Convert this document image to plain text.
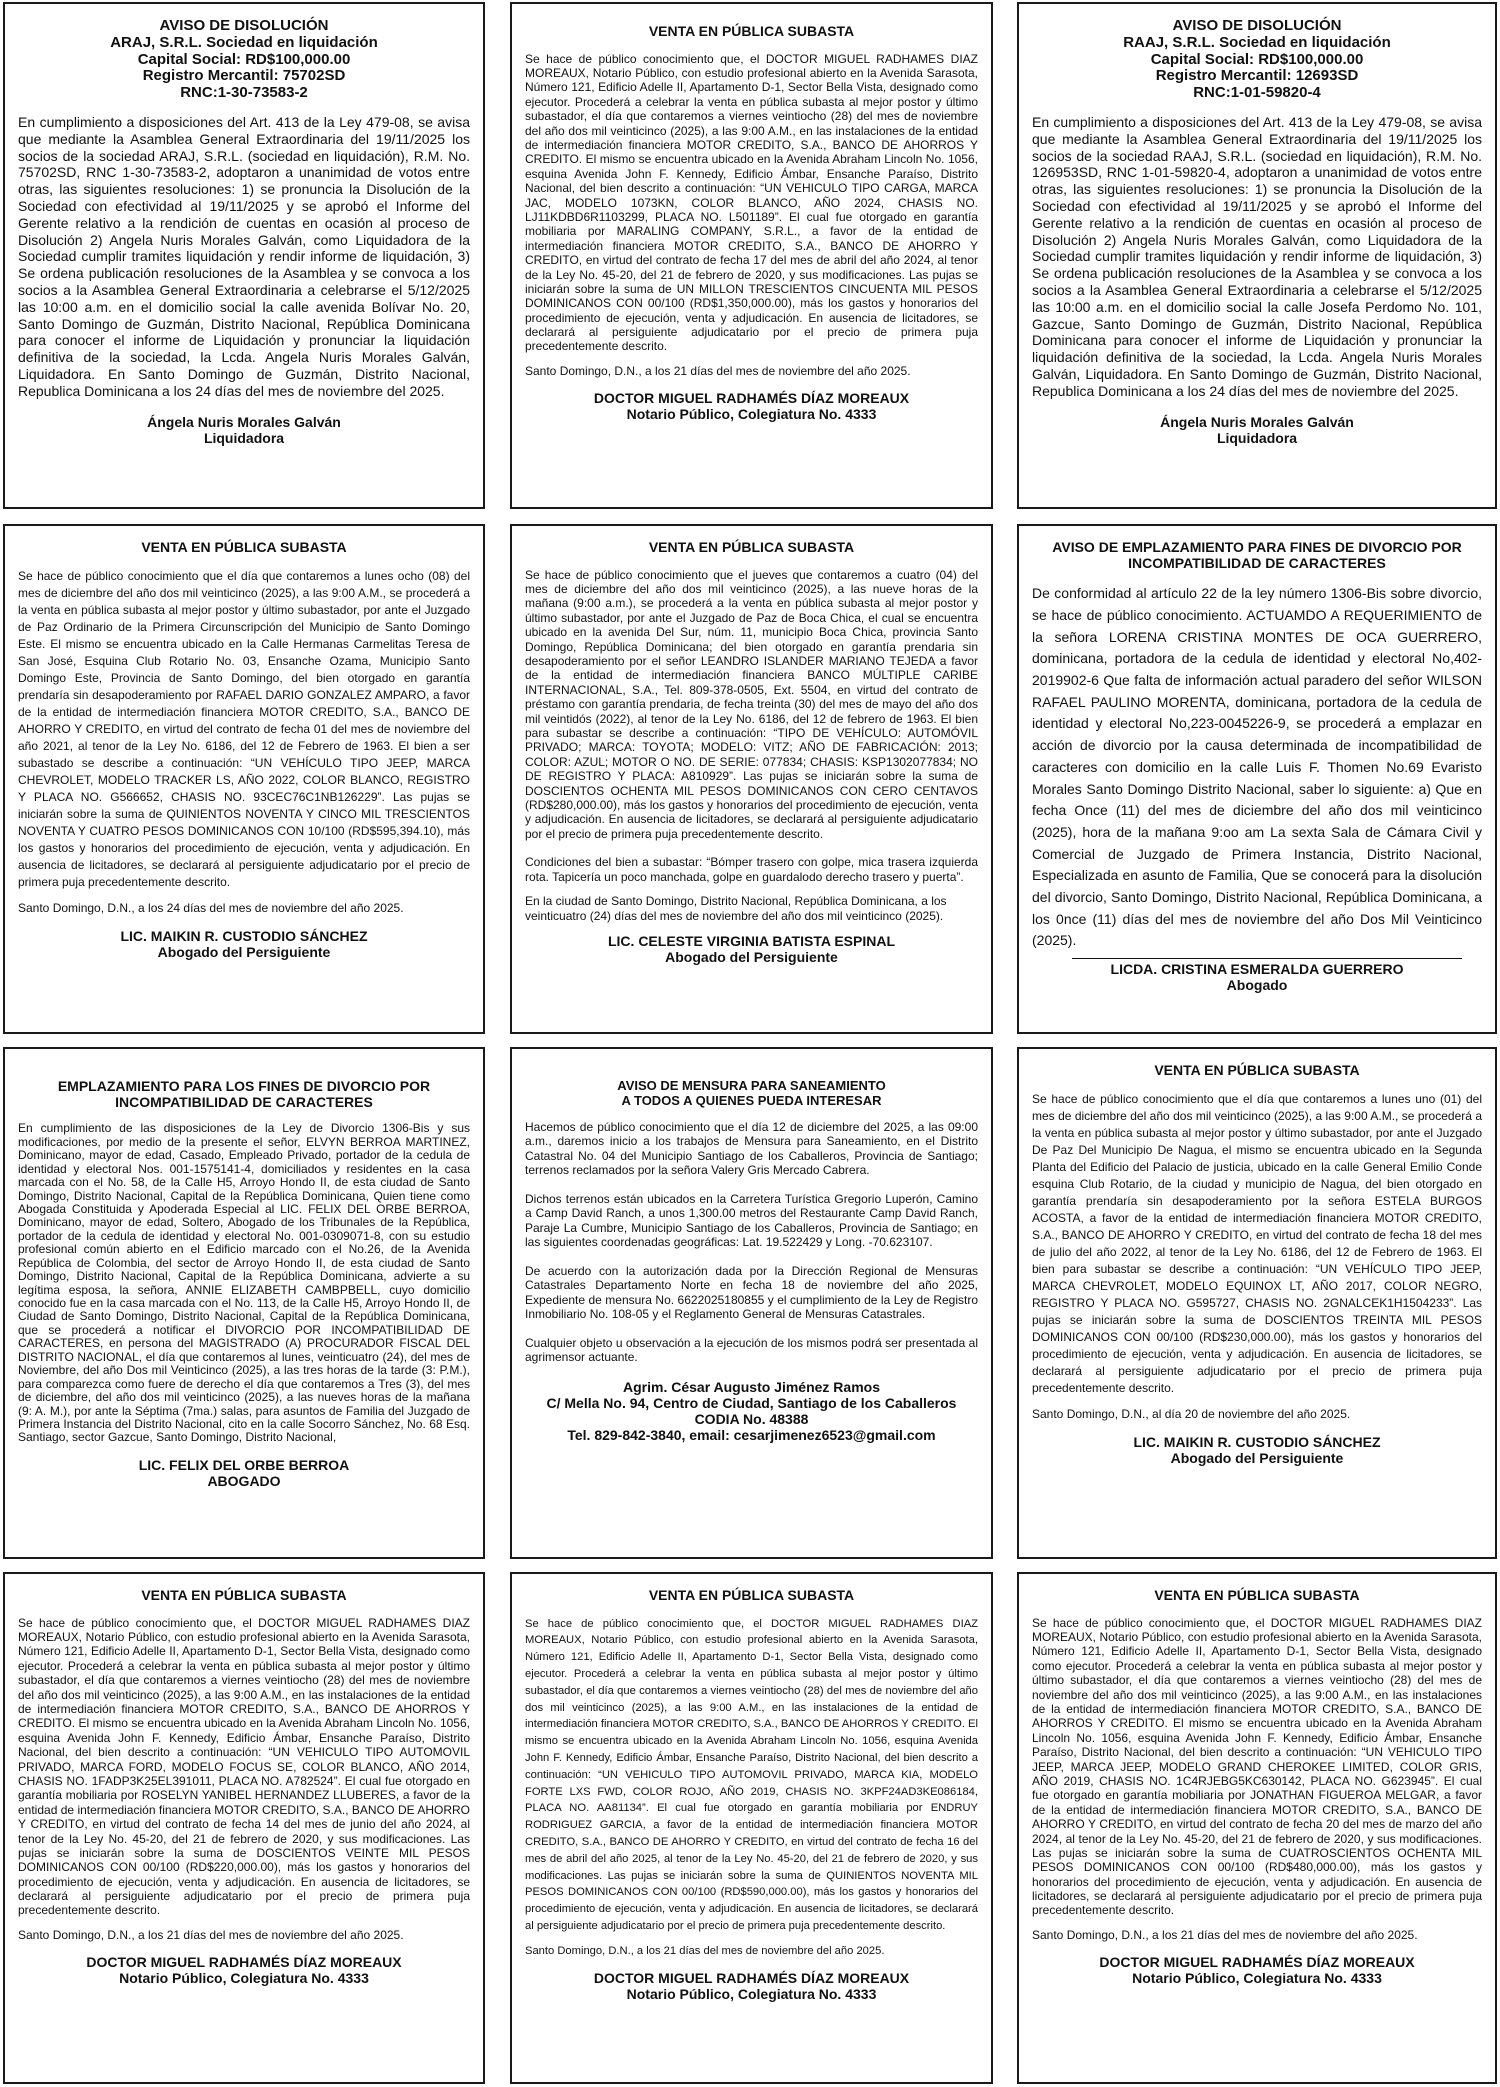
AVISO DE DISOLUCIÓN
ARAJ, S.R.L. Sociedad en liquidación
Capital Social: RD$100,000.00
Registro Mercantil: 75702SD
RNC:1-30-73583-2

En cumplimiento a disposiciones del Art. 413 de la Ley 479-08, se avisa que mediante la Asamblea General Extraordinaria del 19/11/2025 los socios de la sociedad ARAJ, S.R.L. (sociedad en liquidación), R.M. No. 75702SD, RNC 1-30-73583-2, adoptaron a unanimidad de votos entre otras, las siguientes resoluciones: 1) se pronuncia la Disolución de la Sociedad con efectividad al 19/11/2025 y se aprobó el Informe del Gerente relativo a la rendición de cuentas en ocasión al proceso de Disolución 2) Angela Nuris Morales Galván, como Liquidadora de la Sociedad cumplir tramites liquidación y rendir informe de liquidación, 3) Se ordena publicación resoluciones de la Asamblea y se convoca a los socios a la Asamblea General Extraordinaria a celebrarse el 5/12/2025 las 10:00 a.m. en el domicilio social la calle avenida Bolívar No. 20, Santo Domingo de Guzmán, Distrito Nacional, República Dominicana para conocer el informe de Liquidación y pronunciar la liquidación definitiva de la sociedad, la Lcda. Angela Nuris Morales Galván, Liquidadora. En Santo Domingo de Guzmán, Distrito Nacional, Republica Dominicana a los 24 días del mes de noviembre del 2025.

Ángela Nuris Morales Galván
Liquidadora

VENTA EN PÚBLICA SUBASTA

Se hace de público conocimiento que, el DOCTOR MIGUEL RADHAMES DIAZ MOREAUX, Notario Público, con estudio profesional abierto en la Avenida Sarasota, Número 121, Edificio Adelle II, Apartamento D-1, Sector Bella Vista, designado como ejecutor. Procederá a celebrar la venta en pública subasta al mejor postor y último subastador, el día que contaremos a viernes veintiocho (28) del mes de noviembre del año dos mil veinticinco (2025), a las 9:00 A.M., en las instalaciones de la entidad de intermediación financiera MOTOR CREDITO, S.A., BANCO DE AHORROS Y CREDITO. El mismo se encuentra ubicado en la Avenida Abraham Lincoln No. 1056, esquina Avenida John F. Kennedy, Edificio Ámbar, Ensanche Paraíso, Distrito Nacional, del bien descrito a continuación: “UN VEHICULO TIPO CARGA, MARCA JAC, MODELO 1073KN, COLOR BLANCO, AÑO 2024, CHASIS NO. LJ11KDBD6R1103299, PLACA NO. L501189”. El cual fue otorgado en garantía mobiliaria por MARALING COMPANY, S.R.L., a favor de la entidad de intermediación financiera MOTOR CREDITO, S.A., BANCO DE AHORRO Y CREDITO, en virtud del contrato de fecha 17 del mes de abril del año 2024, al tenor de la Ley No. 45-20, del 21 de febrero de 2020, y sus modificaciones. Las pujas se iniciarán sobre la suma de UN MILLON TRESCIENTOS CINCUENTA MIL PESOS DOMINICANOS CON 00/100 (RD$1,350,000.00), más los gastos y honorarios del procedimiento de ejecución, venta y adjudicación. En ausencia de licitadores, se declarará al persiguiente adjudicatario por el precio de primera puja precedentemente descrito.

Santo Domingo, D.N., a los 21 días del mes de noviembre del año 2025.

DOCTOR MIGUEL RADHAMÉS DÍAZ MOREAUX
Notario Público, Colegiatura No. 4333

AVISO DE DISOLUCIÓN
RAAJ, S.R.L. Sociedad en liquidación
Capital Social: RD$100,000.00
Registro Mercantil: 12693SD
RNC:1-01-59820-4

En cumplimiento a disposiciones del Art. 413 de la Ley 479-08, se avisa que mediante la Asamblea General Extraordinaria del 19/11/2025 los socios de la sociedad RAAJ, S.R.L. (sociedad en liquidación), R.M. No. 126953SD, RNC 1-01-59820-4, adoptaron a unanimidad de votos entre otras, las siguientes resoluciones: 1) se pronuncia la Disolución de la Sociedad con efectividad al 19/11/2025 y se aprobó el Informe del Gerente relativo a la rendición de cuentas en ocasión al proceso de Disolución 2) Angela Nuris Morales Galván, como Liquidadora de la Sociedad cumplir tramites liquidación y rendir informe de liquidación, 3) Se ordena publicación resoluciones de la Asamblea y se convoca a los socios a la Asamblea General Extraordinaria a celebrarse el 5/12/2025 las 10:00 a.m. en el domicilio social la calle Josefa Perdomo No. 101, Gazcue, Santo Domingo de Guzmán, Distrito Nacional, República Dominicana para conocer el informe de Liquidación y pronunciar la liquidación definitiva de la sociedad, la Lcda. Angela Nuris Morales Galván, Liquidadora. En Santo Domingo de Guzmán, Distrito Nacional, Republica Dominicana a los 24 días del mes de noviembre del 2025.

Ángela Nuris Morales Galván
Liquidadora

VENTA EN PÚBLICA SUBASTA

Se hace de público conocimiento que el día que contaremos a lunes ocho (08) del mes de diciembre del año dos mil veinticinco (2025), a las 9:00 A.M., se procederá a la venta en pública subasta al mejor postor y último subastador, por ante el Juzgado de Paz Ordinario de la Primera Circunscripción del Municipio de Santo Domingo Este. El mismo se encuentra ubicado en la Calle Hermanas Carmelitas Teresa de San José, Esquina Club Rotario No. 03, Ensanche Ozama, Municipio Santo Domingo Este, Provincia de Santo Domingo, del bien otorgado en garantía prendaría sin desapoderamiento por RAFAEL DARIO GONZALEZ AMPARO, a favor de la entidad de intermediación financiera MOTOR CREDITO, S.A., BANCO DE AHORRO Y CREDITO, en virtud del contrato de fecha 01 del mes de noviembre del año 2021, al tenor de la Ley No. 6186, del 12 de Febrero de 1963. El bien a ser subastado se describe a continuación: “UN VEHÍCULO TIPO JEEP, MARCA CHEVROLET, MODELO TRACKER LS, AÑO 2022, COLOR BLANCO, REGISTRO Y PLACA NO. G566652, CHASIS NO. 93CEC76C1NB126229”. Las pujas se iniciarán sobre la suma de QUINIENTOS NOVENTA Y CINCO MIL TRESCIENTOS NOVENTA Y CUATRO PESOS DOMINICANOS CON 10/100 (RD$595,394.10), más los gastos y honorarios del procedimiento de ejecución, venta y adjudicación. En ausencia de licitadores, se declarará al persiguiente adjudicatario por el precio de primera puja precedentemente descrito.

Santo Domingo, D.N., a los 24 días del mes de noviembre del año 2025.

LIC. MAIKIN R. CUSTODIO SÁNCHEZ
Abogado del Persiguiente

VENTA EN PÚBLICA SUBASTA

Se hace de público conocimiento que el jueves que contaremos a cuatro (04) del mes de diciembre del año dos mil veinticinco (2025), a las nueve horas de la mañana (9:00 a.m.), se procederá a la venta en pública subasta al mejor postor y último subastador, por ante el Juzgado de Paz de Boca Chica, el cual se encuentra ubicado en la avenida Del Sur, núm. 11, municipio Boca Chica, provincia Santo Domingo, República Dominicana; del bien otorgado en garantía prendaria sin desapoderamiento por el señor LEANDRO ISLANDER MARIANO TEJEDA a favor de la entidad de intermediación financiera BANCO MÚLTIPLE CARIBE INTERNACIONAL, S.A., Tel. 809-378-0505, Ext. 5504, en virtud del contrato de préstamo con garantía prendaria, de fecha treinta (30) del mes de mayo del año dos mil veintidós (2022), al tenor de la Ley No. 6186, del 12 de febrero de 1963. El bien para subastar se describe a continuación: “TIPO DE VEHÍCULO: AUTOMÓVIL PRIVADO; MARCA: TOYOTA; MODELO: VITZ; AÑO DE FABRICACIÓN: 2013; COLOR: AZUL; MOTOR O NO. DE SERIE: 077834; CHASIS: KSP1302077834; NO DE REGISTRO Y PLACA: A810929”. Las pujas se iniciarán sobre la suma de DOSCIENTOS OCHENTA MIL PESOS DOMINICANOS CON CERO CENTAVOS (RD$280,000.00), más los gastos y honorarios del procedimiento de ejecución, venta y adjudicación. En ausencia de licitadores, se declarará al persiguiente adjudicatario por el precio de primera puja precedentemente descrito.

Condiciones del bien a subastar: “Bómper trasero con golpe, mica trasera izquierda rota. Tapicería un poco manchada, golpe en guardalodo derecho trasero y puerta”.

En la ciudad de Santo Domingo, Distrito Nacional, República Dominicana, a los veinticuatro (24) días del mes de noviembre del año dos mil veinticinco (2025).

LIC. CELESTE VIRGINIA BATISTA ESPINAL
Abogado del Persiguiente

AVISO DE EMPLAZAMIENTO PARA FINES DE DIVORCIO POR
INCOMPATIBILIDAD DE CARACTERES

De conformidad al artículo 22 de la ley número 1306-Bis sobre divorcio, se hace de público conocimiento. ACTUAMDO A REQUERIMIENTO de la señora LORENA CRISTINA MONTES DE OCA GUERRERO, dominicana, portadora de la cedula de identidad y electoral No,402-2019902-6 Que falta de información actual paradero del señor WILSON RAFAEL PAULINO MORENTA, dominicana, portadora de la cedula de identidad y electoral No,223-0045226-9, se procederá a emplazar en acción de divorcio por la causa determinada de incompatibilidad de caracteres con domicilio en la calle Luis F. Thomen No.69 Evaristo Morales Santo Domingo Distrito Nacional, saber lo siguiente: a) Que en fecha Once (11) del mes de diciembre del año dos mil veinticinco (2025), hora de la mañana 9:oo am La sexta Sala de Cámara Civil y Comercial de Juzgado de Primera Instancia, Distrito Nacional, Especializada en asunto de Familia, Que se conocerá para la disolución del divorcio, Santo Domingo, Distrito Nacional, República Dominicana, a los 0nce (11) días del mes de noviembre del año Dos Mil Veinticinco (2025).

LICDA. CRISTINA ESMERALDA GUERRERO
Abogado

EMPLAZAMIENTO PARA LOS FINES DE DIVORCIO POR
INCOMPATIBILIDAD DE CARACTERES

En cumplimiento de las disposiciones de la Ley de Divorcio 1306-Bis y sus modificaciones, por medio de la presente el señor, ELVYN BERROA MARTINEZ, Dominicano, mayor de edad, Casado, Empleado Privado, portador de la cedula de identidad y electoral Nos. 001-1575141-4, domiciliados y residentes en la casa marcada con el No. 58, de la Calle H5, Arroyo Hondo II, de esta ciudad de Santo Domingo, Distrito Nacional, Capital de la República Dominicana, Quien tiene como Abogada Constituida y Apoderada Especial al LIC. FELIX DEL ORBE BERROA, Dominicano, mayor de edad, Soltero, Abogado de los Tribunales de la República, portador de la cedula de identidad y electoral No. 001-0309071-8, con su estudio profesional común abierto en el Edificio marcado con el No.26, de la Avenida República de Colombia, del sector de Arroyo Hondo II, de esta ciudad de Santo Domingo, Distrito Nacional, Capital de la República Dominicana, advierte a su legítima esposa, la señora, ANNIE ELIZABETH CAMBPBELL, cuyo domicilio conocido fue en la casa marcada con el No. 113, de la Calle H5, Arroyo Hondo II, de Ciudad de Santo Domingo, Distrito Nacional, Capital de la República Dominicana, que se procederá a notificar el DIVORCIO POR INCOMPATIBILIDAD DE CARACTERES, en persona del MAGISTRADO (A) PROCURADOR FISCAL DEL DISTRITO NACIONAL, el día que contaremos al lunes, veinticuatro (24), del mes de Noviembre, del año Dos mil Veinticinco (2025), a las tres horas de la tarde (3: P.M.), para comparezca como fuere de derecho el día que contaremos a Tres (3), del mes de diciembre, del año dos mil veinticinco (2025), a las nueves horas de la mañana (9: A. M.), por ante la Séptima (7ma.) salas, para asuntos de Familia del Juzgado de Primera Instancia del Distrito Nacional, cito en la calle Socorro Sánchez, No. 68 Esq. Santiago, sector Gazcue, Santo Domingo, Distrito Nacional,

LIC. FELIX DEL ORBE BERROA
ABOGADO

AVISO DE MENSURA PARA SANEAMIENTO
A TODOS A QUIENES PUEDA INTERESAR

Hacemos de público conocimiento que el día 12 de diciembre del 2025, a las 09:00 a.m., daremos inicio a los trabajos de Mensura para Saneamiento, en el Distrito Catastral No. 04 del Municipio Santiago de los Caballeros, Provincia de Santiago; terrenos reclamados por la señora Valery Gris Mercado Cabrera.

Dichos terrenos están ubicados en la Carretera Turística Gregorio Luperón, Camino a Camp David Ranch, a unos 1,300.00 metros del Restaurante Camp David Ranch, Paraje La Cumbre, Municipio Santiago de los Caballeros, Provincia de Santiago; en las siguientes coordenadas geográficas: Lat. 19.522429 y Long. -70.623107.

De acuerdo con la autorización dada por la Dirección Regional de Mensuras Catastrales Departamento Norte en fecha 18 de noviembre del año 2025, Expediente de mensura No. 6622025180855 y el cumplimiento de la Ley de Registro Inmobiliario No. 108-05 y el Reglamento General de Mensuras Catastrales.

Cualquier objeto u observación a la ejecución de los mismos podrá ser presentada al agrimensor actuante.

Agrim. César Augusto Jiménez Ramos
C/ Mella No. 94, Centro de Ciudad, Santiago de los Caballeros
CODIA No. 48388
Tel. 829-842-3840, email: cesarjimenez6523@gmail.com

VENTA EN PÚBLICA SUBASTA

Se hace de público conocimiento que el día que contaremos a lunes uno (01) del mes de diciembre del año dos mil veinticinco (2025), a las 9:00 A.M., se procederá a la venta en pública subasta al mejor postor y último subastador, por ante el Juzgado De Paz Del Municipio De Nagua, el mismo se encuentra ubicado en la Segunda Planta del Edificio del Palacio de justicia, ubicado en la calle General Emilio Conde esquina Club Rotario, de la ciudad y municipio de Nagua, del bien otorgado en garantía prendaría sin desapoderamiento por la señora ESTELA BURGOS ACOSTA, a favor de la entidad de intermediación financiera MOTOR CREDITO, S.A., BANCO DE AHORRO Y CREDITO, en virtud del contrato de fecha 18 del mes de julio del año 2022, al tenor de la Ley No. 6186, del 12 de Febrero de 1963. El bien para subastar se describe a continuación: “UN VEHÍCULO TIPO JEEP, MARCA CHEVROLET, MODELO EQUINOX LT, AÑO 2017, COLOR NEGRO, REGISTRO Y PLACA NO. G595727, CHASIS NO. 2GNALCEK1H1504233”. Las pujas se iniciarán sobre la suma de DOSCIENTOS TREINTA MIL PESOS DOMINICANOS CON 00/100 (RD$230,000.00), más los gastos y honorarios del procedimiento de ejecución, venta y adjudicación. En ausencia de licitadores, se declarará al persiguiente adjudicatario por el precio de primera puja precedentemente descrito.

Santo Domingo, D.N., al día 20 de noviembre del año 2025.

LIC. MAIKIN R. CUSTODIO SÁNCHEZ
Abogado del Persiguiente

VENTA EN PÚBLICA SUBASTA

Se hace de público conocimiento que, el DOCTOR MIGUEL RADHAMES DIAZ MOREAUX, Notario Público, con estudio profesional abierto en la Avenida Sarasota, Número 121, Edificio Adelle II, Apartamento D-1, Sector Bella Vista, designado como ejecutor. Procederá a celebrar la venta en pública subasta al mejor postor y último subastador, el día que contaremos a viernes veintiocho (28) del mes de noviembre del año dos mil veinticinco (2025), a las 9:00 A.M., en las instalaciones de la entidad de intermediación financiera MOTOR CREDITO, S.A., BANCO DE AHORROS Y CREDITO. El mismo se encuentra ubicado en la Avenida Abraham Lincoln No. 1056, esquina Avenida John F. Kennedy, Edificio Ámbar, Ensanche Paraíso, Distrito Nacional, del bien descrito a continuación: “UN VEHICULO TIPO AUTOMOVIL PRIVADO, MARCA FORD, MODELO FOCUS SE, COLOR BLANCO, AÑO 2014, CHASIS NO. 1FADP3K25EL391011, PLACA NO. A782524”. El cual fue otorgado en garantía mobiliaria por ROSELYN YANIBEL HERNANDEZ LLUBERES, a favor de la entidad de intermediación financiera MOTOR CREDITO, S.A., BANCO DE AHORRO Y CREDITO, en virtud del contrato de fecha 14 del mes de junio del año 2024, al tenor de la Ley No. 45-20, del 21 de febrero de 2020, y sus modificaciones. Las pujas se iniciarán sobre la suma de DOSCIENTOS VEINTE MIL PESOS DOMINICANOS CON 00/100 (RD$220,000.00), más los gastos y honorarios del procedimiento de ejecución, venta y adjudicación. En ausencia de licitadores, se declarará al persiguiente adjudicatario por el precio de primera puja precedentemente descrito.

Santo Domingo, D.N., a los 21 días del mes de noviembre del año 2025.

DOCTOR MIGUEL RADHAMÉS DÍAZ MOREAUX
Notario Público, Colegiatura No. 4333

VENTA EN PÚBLICA SUBASTA

Se hace de público conocimiento que, el DOCTOR MIGUEL RADHAMES DIAZ MOREAUX, Notario Público, con estudio profesional abierto en la Avenida Sarasota, Número 121, Edificio Adelle II, Apartamento D-1, Sector Bella Vista, designado como ejecutor. Procederá a celebrar la venta en pública subasta al mejor postor y último subastador, el día que contaremos a viernes veintiocho (28) del mes de noviembre del año dos mil veinticinco (2025), a las 9:00 A.M., en las instalaciones de la entidad de intermediación financiera MOTOR CREDITO, S.A., BANCO DE AHORROS Y CREDITO. El mismo se encuentra ubicado en la Avenida Abraham Lincoln No. 1056, esquina Avenida John F. Kennedy, Edificio Ámbar, Ensanche Paraíso, Distrito Nacional, del bien descrito a continuación: “UN VEHICULO TIPO AUTOMOVIL PRIVADO, MARCA KIA, MODELO FORTE LXS FWD, COLOR ROJO, AÑO 2019, CHASIS NO. 3KPF24AD3KE086184, PLACA NO. AA81134”. El cual fue otorgado en garantía mobiliaria por ENDRUY RODRIGUEZ GARCIA, a favor de la entidad de intermediación financiera MOTOR CREDITO, S.A., BANCO DE AHORRO Y CREDITO, en virtud del contrato de fecha 16 del mes de abril del año 2025, al tenor de la Ley No. 45-20, del 21 de febrero de 2020, y sus modificaciones. Las pujas se iniciarán sobre la suma de QUINIENTOS NOVENTA MIL PESOS DOMINICANOS CON 00/100 (RD$590,000.00), más los gastos y honorarios del procedimiento de ejecución, venta y adjudicación. En ausencia de licitadores, se declarará al persiguiente adjudicatario por el precio de primera puja precedentemente descrito.

Santo Domingo, D.N., a los 21 días del mes de noviembre del año 2025.

DOCTOR MIGUEL RADHAMÉS DÍAZ MOREAUX
Notario Público, Colegiatura No. 4333

VENTA EN PÚBLICA SUBASTA

Se hace de público conocimiento que, el DOCTOR MIGUEL RADHAMES DIAZ MOREAUX, Notario Público, con estudio profesional abierto en la Avenida Sarasota, Número 121, Edificio Adelle II, Apartamento D-1, Sector Bella Vista, designado como ejecutor. Procederá a celebrar la venta en pública subasta al mejor postor y último subastador, el día que contaremos a viernes veintiocho (28) del mes de noviembre del año dos mil veinticinco (2025), a las 9:00 A.M., en las instalaciones de la entidad de intermediación financiera MOTOR CREDITO, S.A., BANCO DE AHORROS Y CREDITO. El mismo se encuentra ubicado en la Avenida Abraham Lincoln No. 1056, esquina Avenida John F. Kennedy, Edificio Ámbar, Ensanche Paraíso, Distrito Nacional, del bien descrito a continuación: “UN VEHICULO TIPO JEEP, MARCA JEEP, MODELO GRAND CHEROKEE LIMITED, COLOR GRIS, AÑO 2019, CHASIS NO. 1C4RJEBG5KC630142, PLACA NO. G623945”. El cual fue otorgado en garantía mobiliaria por JONATHAN FIGUEROA MELGAR, a favor de la entidad de intermediación financiera MOTOR CREDITO, S.A., BANCO DE AHORRO Y CREDITO, en virtud del contrato de fecha 20 del mes de marzo del año 2024, al tenor de la Ley No. 45-20, del 21 de febrero de 2020, y sus modificaciones. Las pujas se iniciarán sobre la suma de CUATROSCIENTOS OCHENTA MIL PESOS DOMINICANOS CON 00/100 (RD$480,000.00), más los gastos y honorarios del procedimiento de ejecución, venta y adjudicación. En ausencia de licitadores, se declarará al persiguiente adjudicatario por el precio de primera puja precedentemente descrito.

Santo Domingo, D.N., a los 21 días del mes de noviembre del año 2025.

DOCTOR MIGUEL RADHAMÉS DÍAZ MOREAUX
Notario Público, Colegiatura No. 4333
